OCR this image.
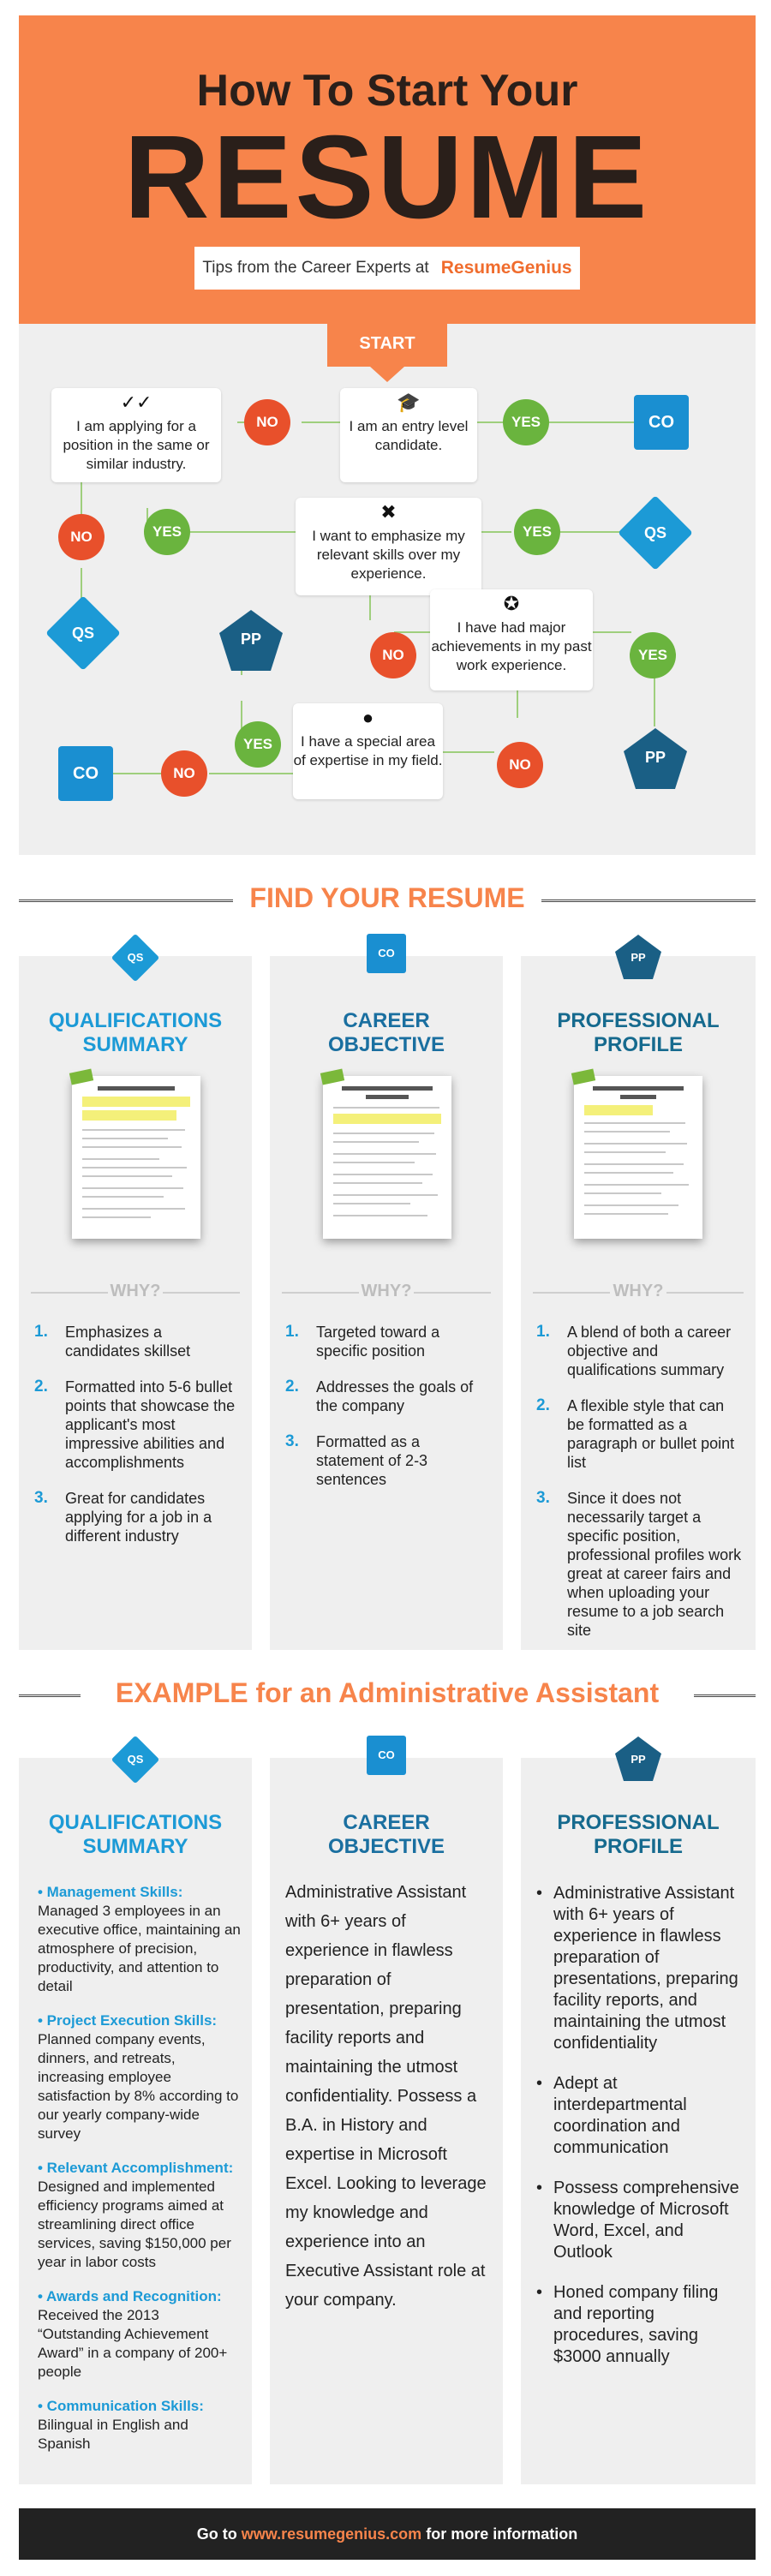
How To Start Your
RESUME
Tips from the Career Experts at ResumeGenius
START
✓✓
I am applying for a position in the same or similar industry.
🎓
I am an entry level candidate.
✖
I want to emphasize my relevant skills over my experience.
✪
I have had major achievements in my past work experience.
●
I have a special area of expertise in my field.
NO	YES	CO
NO	YES	YES	QS
QS	PP
NO	YES
YES
NO
CO	NO
PP
FIND YOUR RESUME
QS
QUALIFICATIONS
SUMMARY
WHY?
1. Emphasizes a candidates skillset
2. Formatted into 5-6 bullet points that showcase the applicant's most impressive abilities and accomplishments
3. Great for candidates applying for a job in a different industry
CO
CAREER
OBJECTIVE
WHY?
1. Targeted toward a specific position
2. Addresses the goals of the company
3. Formatted as a statement of 2-3 sentences
PP
PROFESSIONAL
PROFILE
WHY?
1. A blend of both a career objective and qualifications summary
2. A flexible style that can be formatted as a paragraph or bullet point list
3. Since it does not necessarily target a specific position, professional profiles work great at career fairs and when uploading your resume to a job search site
EXAMPLE for an Administrative Assistant
QS
QUALIFICATIONS
SUMMARY
• Management Skills:
Managed 3 employees in an executive office, maintaining an atmosphere of precision, productivity, and attention to detail
• Project Execution Skills:
Planned company events, dinners, and retreats, increasing employee satisfaction by 8% according to our yearly company-wide survey
• Relevant Accomplishment:
Designed and implemented efficiency programs aimed at streamlining direct office services, saving $150,000 per year in labor costs
• Awards and Recognition:
Received the 2013 “Outstanding Achievement Award” in a company of 200+ people
• Communication Skills:
Bilingual in English and Spanish
CO
CAREER
OBJECTIVE
Administrative Assistant with 6+ years of experience in flawless preparation of presentation, preparing facility reports and maintaining the utmost confidentiality. Possess a B.A. in History and expertise in Microsoft Excel. Looking to leverage my knowledge and experience into an Executive Assistant role at your company.
PP
PROFESSIONAL
PROFILE
• Administrative Assistant with 6+ years of experience in flawless preparation of presentations, preparing facility reports, and maintaining the utmost confidentiality
• Adept at interdepartmental coordination and communication
• Possess comprehensive knowledge of Microsoft Word, Excel, and Outlook
• Honed company filing and reporting procedures, saving $3000 annually
Go to www.resumegenius.com for more information
